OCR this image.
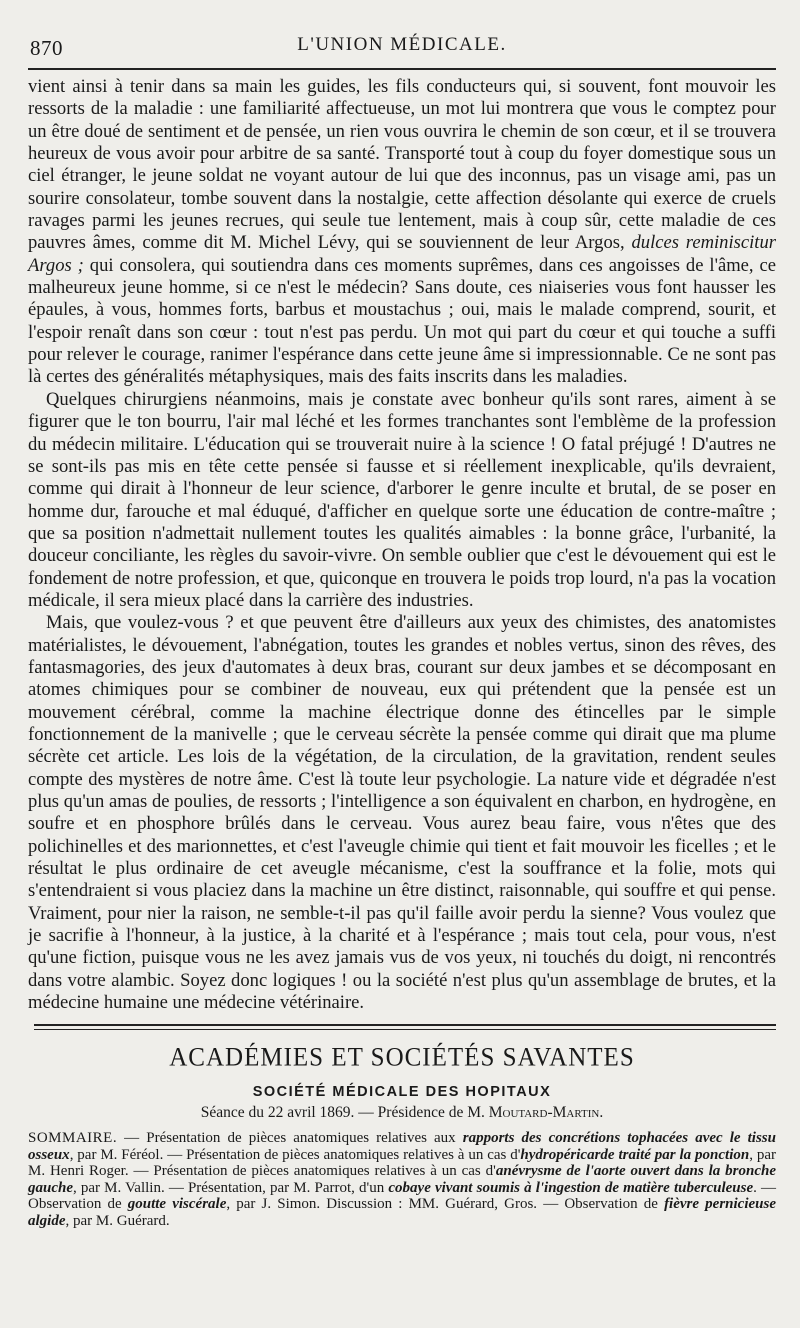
870	L'UNION MÉDICALE.

vient ainsi à tenir dans sa main les guides, les fils conducteurs qui, si souvent, font mouvoir les ressorts de la maladie : une familiarité affectueuse, un mot lui montrera que vous le comptez pour un être doué de sentiment et de pensée, un rien vous ouvrira le chemin de son cœur, et il se trouvera heureux de vous avoir pour arbitre de sa santé. Transporté tout à coup du foyer domestique sous un ciel étranger, le jeune soldat ne voyant autour de lui que des inconnus, pas un visage ami, pas un sourire consolateur, tombe souvent dans la nostalgie, cette affection désolante qui exerce de cruels ravages parmi les jeunes recrues, qui seule tue lentement, mais à coup sûr, cette maladie de ces pauvres âmes, comme dit M. Michel Lévy, qui se souviennent de leur Argos, dulces reminiscitur Argos ; qui consolera, qui soutiendra dans ces moments suprêmes, dans ces angoisses de l'âme, ce malheureux jeune homme, si ce n'est le médecin? Sans doute, ces niaiseries vous font hausser les épaules, à vous, hommes forts, barbus et moustachus ; oui, mais le malade comprend, sourit, et l'espoir renaît dans son cœur : tout n'est pas perdu. Un mot qui part du cœur et qui touche a suffi pour relever le courage, ranimer l'espérance dans cette jeune âme si impressionnable. Ce ne sont pas là certes des généralités métaphysiques, mais des faits inscrits dans les maladies.

Quelques chirurgiens néanmoins, mais je constate avec bonheur qu'ils sont rares, aiment à se figurer que le ton bourru, l'air mal léché et les formes tranchantes sont l'emblème de la profession du médecin militaire. L'éducation qui se trouverait nuire à la science ! O fatal préjugé ! D'autres ne se sont-ils pas mis en tête cette pensée si fausse et si réellement inexplicable, qu'ils devraient, comme qui dirait à l'honneur de leur science, d'arborer le genre inculte et brutal, de se poser en homme dur, farouche et mal éduqué, d'afficher en quelque sorte une éducation de contre-maître ; que sa position n'admettait nullement toutes les qualités aimables : la bonne grâce, l'urbanité, la douceur conciliante, les règles du savoir-vivre. On semble oublier que c'est le dévouement qui est le fondement de notre profession, et que, quiconque en trouvera le poids trop lourd, n'a pas la vocation médicale, il sera mieux placé dans la carrière des industries.

Mais, que voulez-vous ? et que peuvent être d'ailleurs aux yeux des chimistes, des anatomistes matérialistes, le dévouement, l'abnégation, toutes les grandes et nobles vertus, sinon des rêves, des fantasmagories, des jeux d'automates à deux bras, courant sur deux jambes et se décomposant en atomes chimiques pour se combiner de nouveau, eux qui prétendent que la pensée est un mouvement cérébral, comme la machine électrique donne des étincelles par le simple fonctionnement de la manivelle ; que le cerveau sécrète la pensée comme qui dirait que ma plume sécrète cet article. Les lois de la végétation, de la circulation, de la gravitation, rendent seules compte des mystères de notre âme. C'est là toute leur psychologie. La nature vide et dégradée n'est plus qu'un amas de poulies, de ressorts ; l'intelligence a son équivalent en charbon, en hydrogène, en soufre et en phosphore brûlés dans le cerveau. Vous aurez beau faire, vous n'êtes que des polichinelles et des marionnettes, et c'est l'aveugle chimie qui tient et fait mouvoir les ficelles ; et le résultat le plus ordinaire de cet aveugle mécanisme, c'est la souffrance et la folie, mots qui s'entendraient si vous placiez dans la machine un être distinct, raisonnable, qui souffre et qui pense. Vraiment, pour nier la raison, ne semble-t-il pas qu'il faille avoir perdu la sienne? Vous voulez que je sacrifie à l'honneur, à la justice, à la charité et à l'espérance ; mais tout cela, pour vous, n'est qu'une fiction, puisque vous ne les avez jamais vus de vos yeux, ni touchés du doigt, ni rencontrés dans votre alambic. Soyez donc logiques ! ou la société n'est plus qu'un assemblage de brutes, et la médecine humaine une médecine vétérinaire.

ACADÉMIES ET SOCIÉTÉS SAVANTES
SOCIÉTÉ MÉDICALE DES HOPITAUX
Séance du 22 avril 1869. — Présidence de M. Moutard-Martin.
SOMMAIRE. — Présentation de pièces anatomiques relatives aux rapports des concrétions tophacées avec le tissu osseux, par M. Féréol. — Présentation de pièces anatomiques relatives à un cas d'hydropéricarde traité par la ponction, par M. Henri Roger. — Présentation de pièces anatomiques relatives à un cas d'anévrysme de l'aorte ouvert dans la bronche gauche, par M. Vallin. — Présentation, par M. Parrot, d'un cobaye vivant soumis à l'ingestion de matière tuberculeuse. — Observation de goutte viscérale, par J. Simon. Discussion : MM. Guérard, Gros. — Observation de fièvre pernicieuse algide, par M. Guérard.
